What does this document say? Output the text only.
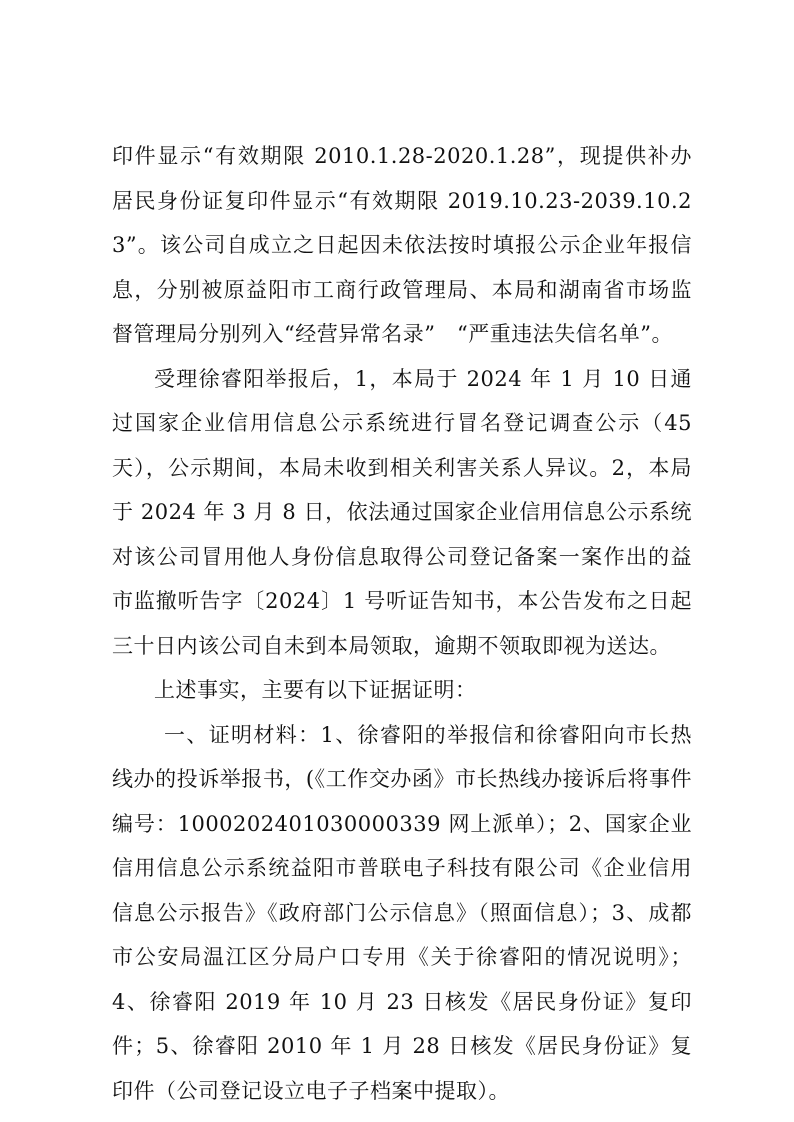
印件显示“有效期限 2010.1.28-2020.1.28”，现提供补办居民身份证复印件显示“有效期限 2019.10.23-2039.10.23”。该公司自成立之日起因未依法按时填报公示企业年报信息，分别被原益阳市工商行政管理局、本局和湖南省市场监督管理局分别列入“经营异常名录”　“严重违法失信名单”。

受理徐睿阳举报后，1，本局于 2024 年 1 月 10 日通过国家企业信用信息公示系统进行冒名登记调查公示（45 天），公示期间，本局未收到相关利害关系人异议。2，本局于 2024 年 3 月 8 日，依法通过国家企业信用信息公示系统对该公司冒用他人身份信息取得公司登记备案一案作出的益市监撤听告字〔2024〕1 号听证告知书，本公告发布之日起三十日内该公司自未到本局领取，逾期不领取即视为送达。

上述事实，主要有以下证据证明：

一、证明材料：1、徐睿阳的举报信和徐睿阳向市长热线办的投诉举报书，(《工作交办函》市长热线办接诉后将事件编号：1000202401030000339 网上派单）；2、国家企业信用信息公示系统益阳市普联电子科技有限公司《企业信用信息公示报告》《政府部门公示信息》（照面信息）；3、成都市公安局温江区分局户口专用《关于徐睿阳的情况说明》；4、徐睿阳 2019 年 10 月 23 日核发《居民身份证》复印件；5、徐睿阳 2010 年 1 月 28 日核发《居民身份证》复印件（公司登记设立电子子档案中提取）。
